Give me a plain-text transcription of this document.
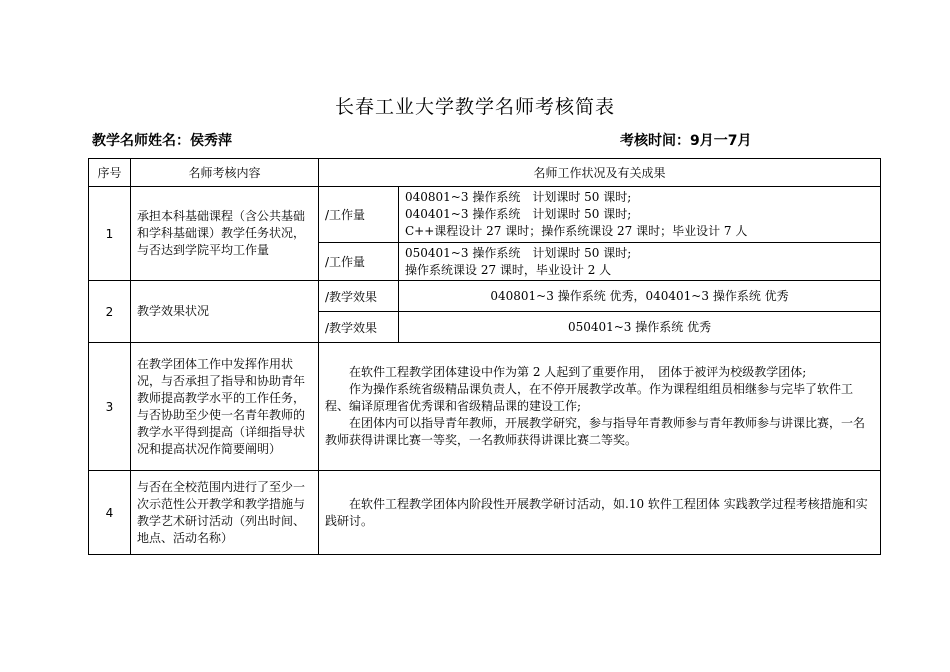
长春工业大学教学名师考核简表
教学名师姓名：侯秀萍	考核时间：9月一7月
序号	名师考核内容	名师工作状况及有关成果	
1	承担本科基础课程（含公共基础和学科基础课）教学任务状况，与否达到学院平均工作量	/工作量	040801~3 操作系统　计划课时 50 课时;
040401~3 操作系统　计划课时 50 课时;
C++课程设计 27 课时；操作系统课设 27 课时；毕业设计 7 人

		/工作量	050401~3 操作系统　计划课时 50 课时;
操作系统课设 27 课时，毕业设计 2 人

2	教学效果状况	/教学效果	040801~3 操作系统 优秀，040401~3 操作系统 优秀
		/教学效果	050401~3 操作系统 优秀
3	在教学团体工作中发挥作用状况，与否承担了指导和协助青年教师提高教学水平的工作任务，与否协助至少使一名青年教师的教学水平得到提高（详细指导状况和提高状况作简要阐明）	在软件工程教学团体建设中作为第 2 人起到了重要作用，　团体于被评为校级教学团体;

作为操作系统省级精品课负责人，在不停开展教学改革。作为课程组组员相继参与完毕了软件工程、编译原理省优秀课和省级精品课的建设工作;

在团体内可以指导青年教师，开展教学研究，参与指导年青教师参与青年教师参与讲课比赛，一名教师获得讲课比赛一等奖，一名教师获得讲课比赛二等奖。	

4	与否在全校范围内进行了至少一次示范性公开教学和教学措施与教学艺术研讨活动（列出时间、地点、活动名称）	在软件工程教学团体内阶段性开展教学研讨活动，如.10 软件工程团体 实践教学过程考核措施和实践研讨。	
